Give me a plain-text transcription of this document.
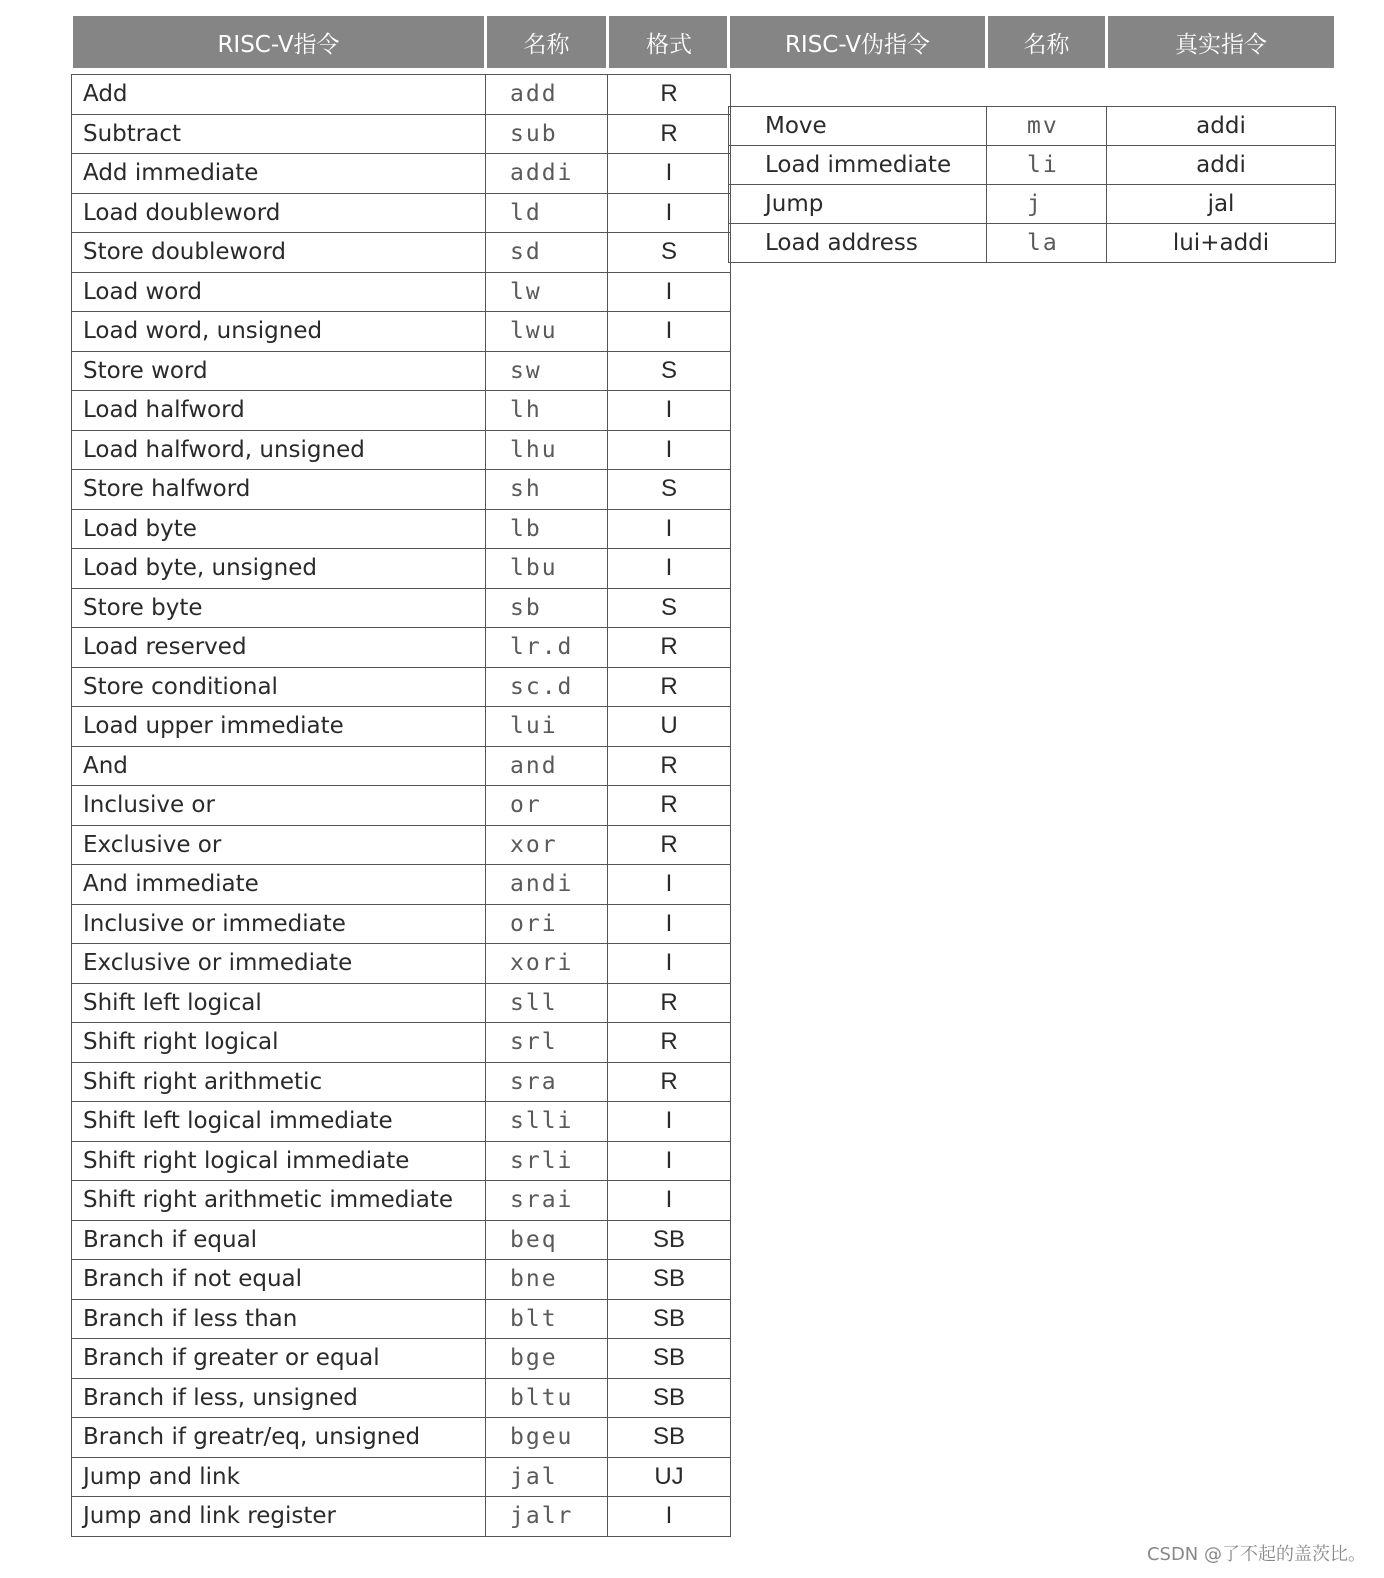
RISC-V指令	名称	格式

Add	add	R
Subtract	sub	R
Add immediate	addi	I
Load doubleword	ld	I
Store doubleword	sd	S
Load word	lw	I
Load word, unsigned	lwu	I
Store word	sw	S
Load halfword	lh	I
Load halfword, unsigned	lhu	I
Store halfword	sh	S
Load byte	lb	I
Load byte, unsigned	lbu	I
Store byte	sb	S
Load reserved	lr.d	R
Store conditional	sc.d	R
Load upper immediate	lui	U
And	and	R
Inclusive or	or	R
Exclusive or	xor	R
And immediate	andi	I
Inclusive or immediate	ori	I
Exclusive or immediate	xori	I
Shift left logical	sll	R
Shift right logical	srl	R
Shift right arithmetic	sra	R
Shift left logical immediate	slli	I
Shift right logical immediate	srli	I
Shift right arithmetic immediate	srai	I
Branch if equal	beq	SB
Branch if not equal	bne	SB
Branch if less than	blt	SB
Branch if greater or equal	bge	SB
Branch if less, unsigned	bltu	SB
Branch if greatr/eq, unsigned	bgeu	SB
Jump and link	jal	UJ
Jump and link register	jalr	I
RISC-V伪指令	名称	真实指令

Move	mv	addi
Load immediate	li	addi
Jump	j	jal
Load address	la	lui+addi
CSDN @了不起的盖茨比。
